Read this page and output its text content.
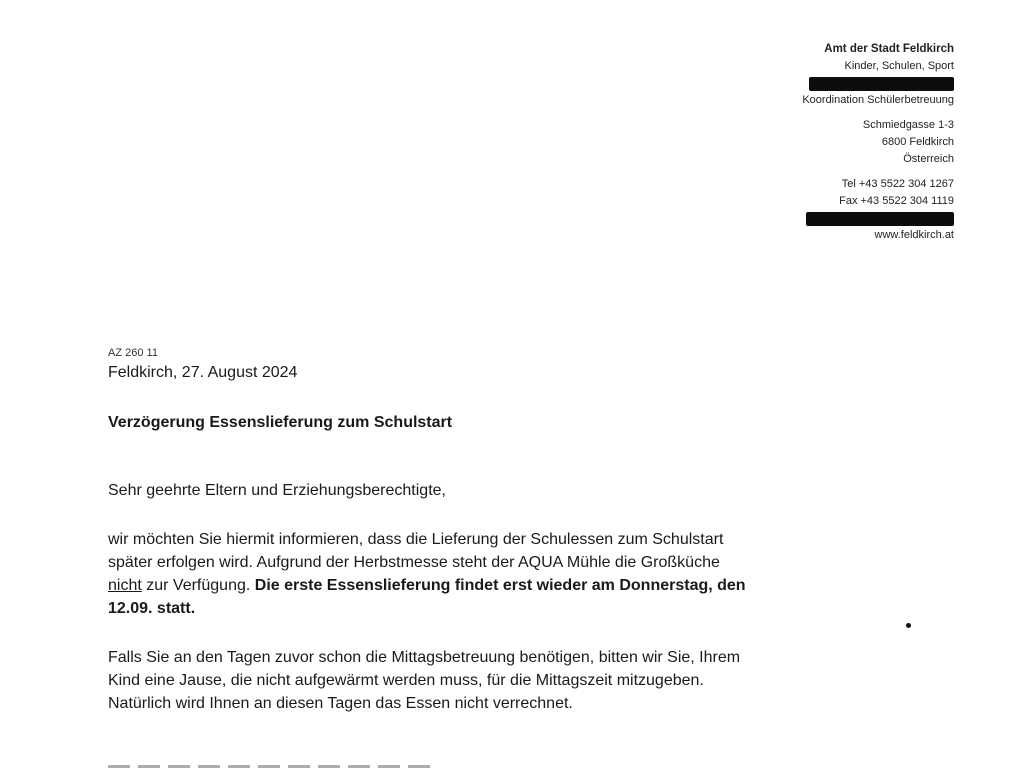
Amt der Stadt Feldkirch
Kinder, Schulen, Sport
Koordination Schülerbetreuung
Schmiedgasse 1-3
6800 Feldkirch
Österreich
Tel +43 5522 304 1267
Fax +43 5522 304 1119
www.feldkirch.at
AZ 260 11
Feldkirch, 27. August 2024
Verzögerung Essenslieferung zum Schulstart

Sehr geehrte Eltern und Erziehungsberechtigte,

wir möchten Sie hiermit informieren, dass die Lieferung der Schulessen zum Schulstart später erfolgen wird. Aufgrund der Herbstmesse steht der AQUA Mühle die Großküche nicht zur Verfügung. Die erste Essenslieferung findet erst wieder am Donnerstag, den 12.09. statt.

Falls Sie an den Tagen zuvor schon die Mittagsbetreuung benötigen, bitten wir Sie, Ihrem Kind eine Jause, die nicht aufgewärmt werden muss, für die Mittagszeit mitzugeben. Natürlich wird Ihnen an diesen Tagen das Essen nicht verrechnet.
